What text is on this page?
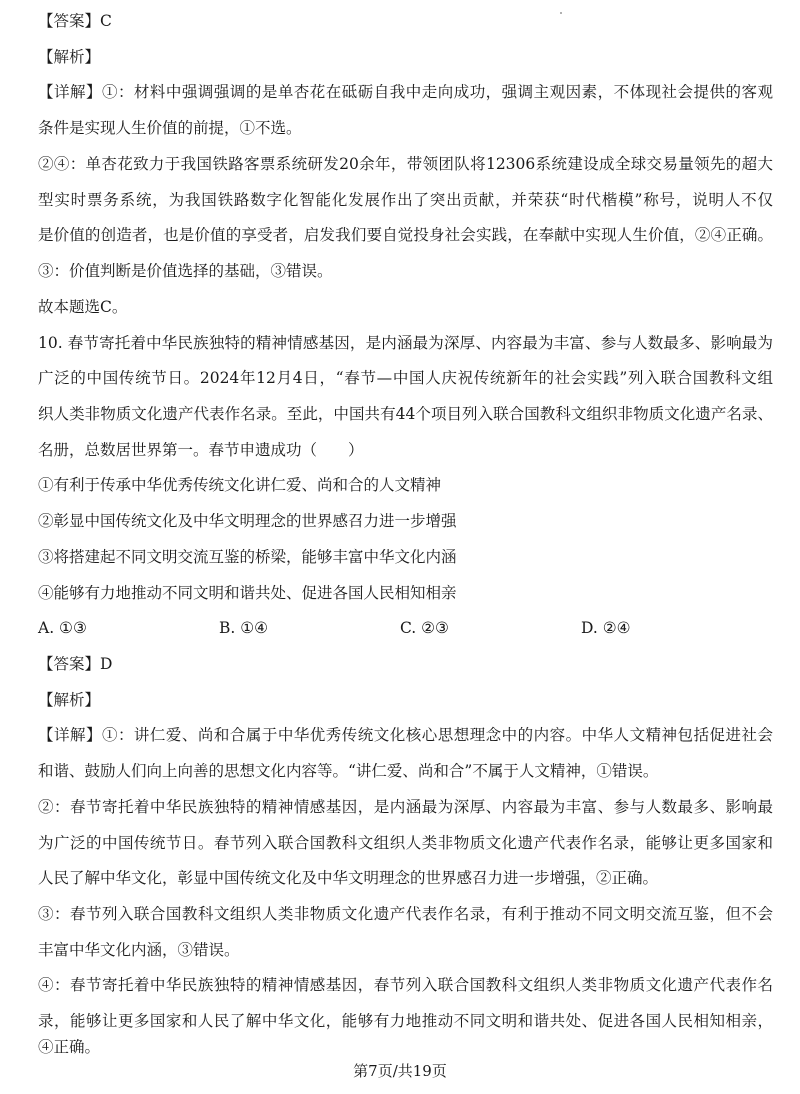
【答案】C
【解析】
【详解】①：材料中强调强调的是单杏花在砥砺自我中走向成功，强调主观因素，不体现社会提供的客观
条件是实现人生价值的前提，①不选。
②④：单杏花致力于我国铁路客票系统研发20余年，带领团队将12306系统建设成全球交易量领先的超大
型实时票务系统，为我国铁路数字化智能化发展作出了突出贡献，并荣获“时代楷模”称号，说明人不仅
是价值的创造者，也是价值的享受者，启发我们要自觉投身社会实践，在奉献中实现人生价值，②④正确。
③：价值判断是价值选择的基础，③错误。
故本题选C。
10. 春节寄托着中华民族独特的精神情感基因，是内涵最为深厚、内容最为丰富、参与人数最多、影响最为
广泛的中国传统节日。2024年12月4日，“春节—中国人庆祝传统新年的社会实践”列入联合国教科文组
织人类非物质文化遗产代表作名录。至此，中国共有44个项目列入联合国教科文组织非物质文化遗产名录、
名册，总数居世界第一。春节申遗成功（　　）
①有利于传承中华优秀传统文化讲仁爱、尚和合的人文精神
②彰显中国传统文化及中华文明理念的世界感召力进一步增强
③将搭建起不同文明交流互鉴的桥梁，能够丰富中华文化内涵
④能够有力地推动不同文明和谐共处、促进各国人民相知相亲
A. ①③	B. ①④	C. ②③	D. ②④
【答案】D
【解析】
【详解】①：讲仁爱、尚和合属于中华优秀传统文化核心思想理念中的内容。中华人文精神包括促进社会
和谐、鼓励人们向上向善的思想文化内容等。“讲仁爱、尚和合”不属于人文精神，①错误。
②：春节寄托着中华民族独特的精神情感基因，是内涵最为深厚、内容最为丰富、参与人数最多、影响最
为广泛的中国传统节日。春节列入联合国教科文组织人类非物质文化遗产代表作名录，能够让更多国家和
人民了解中华文化，彰显中国传统文化及中华文明理念的世界感召力进一步增强，②正确。
③：春节列入联合国教科文组织人类非物质文化遗产代表作名录，有利于推动不同文明交流互鉴，但不会
丰富中华文化内涵，③错误。
④：春节寄托着中华民族独特的精神情感基因，春节列入联合国教科文组织人类非物质文化遗产代表作名
录，能够让更多国家和人民了解中华文化，能够有力地推动不同文明和谐共处、促进各国人民相知相亲，
④正确。
第7页/共19页
